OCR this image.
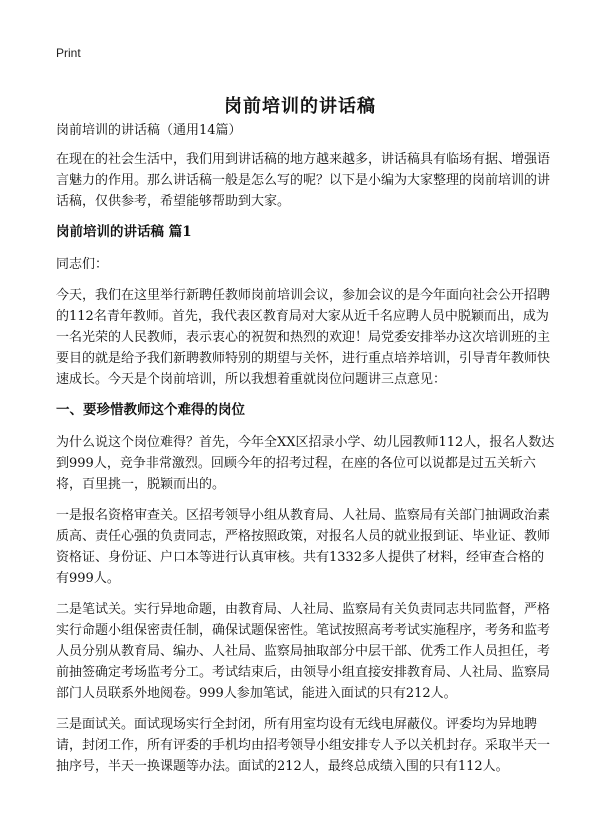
Print
岗前培训的讲话稿

岗前培训的讲话稿（通用14篇）

在现在的社会生活中，我们用到讲话稿的地方越来越多，讲话稿具有临场有据、增强语言魅力的作用。那么讲话稿一般是怎么写的呢？以下是小编为大家整理的岗前培训的讲话稿，仅供参考，希望能够帮助到大家。

岗前培训的讲话稿 篇1

同志们：

今天，我们在这里举行新聘任教师岗前培训会议，参加会议的是今年面向社会公开招聘的112名青年教师。首先，我代表区教育局对大家从近千名应聘人员中脱颖而出，成为一名光荣的人民教师，表示衷心的祝贺和热烈的欢迎！局党委安排举办这次培训班的主要目的就是给予我们新聘教师特别的期望与关怀，进行重点培养培训，引导青年教师快速成长。今天是个岗前培训，所以我想着重就岗位问题讲三点意见：

一、要珍惜教师这个难得的岗位

为什么说这个岗位难得？首先，今年全XX区招录小学、幼儿园教师112人，报名人数达到999人，竞争非常激烈。回顾今年的招考过程，在座的各位可以说都是过五关斩六将，百里挑一，脱颖而出的。

一是报名资格审查关。区招考领导小组从教育局、人社局、监察局有关部门抽调政治素质高、责任心强的负责同志，严格按照政策，对报名人员的就业报到证、毕业证、教师资格证、身份证、户口本等进行认真审核。共有1332多人提供了材料，经审查合格的有999人。

二是笔试关。实行异地命题，由教育局、人社局、监察局有关负责同志共同监督，严格实行命题小组保密责任制，确保试题保密性。笔试按照高考考试实施程序，考务和监考人员分别从教育局、编办、人社局、监察局抽取部分中层干部、优秀工作人员担任，考前抽签确定考场监考分工。考试结束后，由领导小组直接安排教育局、人社局、监察局部门人员联系外地阅卷。999人参加笔试，能进入面试的只有212人。

三是面试关。面试现场实行全封闭，所有用室均设有无线电屏蔽仪。评委均为异地聘请，封闭工作，所有评委的手机均由招考领导小组安排专人予以关机封存。采取半天一抽序号，半天一换课题等办法。面试的212人，最终总成绩入围的只有112人。
